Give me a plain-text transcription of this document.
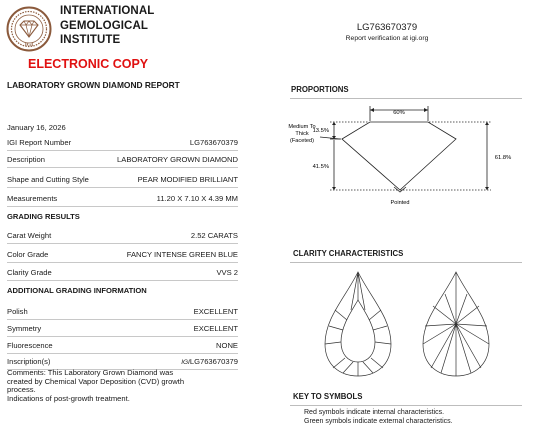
IGI
INTERNATIONAL
GEMOLOGICAL
INSTITUTE
ELECTRONIC COPY
LABORATORY GROWN DIAMOND REPORT
LG763670379
Report verification at igi.org
January 16, 2026
IGI Report Number	LG763670379
Description	LABORATORY GROWN DIAMOND
Shape and Cutting Style	PEAR MODIFIED BRILLIANT
Measurements	11.20 X 7.10 X 4.39 MM
GRADING RESULTS
Carat Weight	2.52 CARATS
Color Grade	FANCY INTENSE GREEN BLUE
Clarity Grade	VVS 2
ADDITIONAL GRADING INFORMATION
Polish	EXCELLENT
Symmetry	EXCELLENT
Fluorescence	NONE
Inscription(s)	IGILG763670379
Comments: This Laboratory Grown Diamond was
created by Chemical Vapor Deposition (CVD) growth
process.
Indications of post-growth treatment.
PROPORTIONS
60%
13.5%
41.5%
61.8%
Medium To
Thick
(Faceted)
Pointed
CLARITY CHARACTERISTICS
KEY TO SYMBOLS
Red symbols indicate internal characteristics.
Green symbols indicate external characteristics.
